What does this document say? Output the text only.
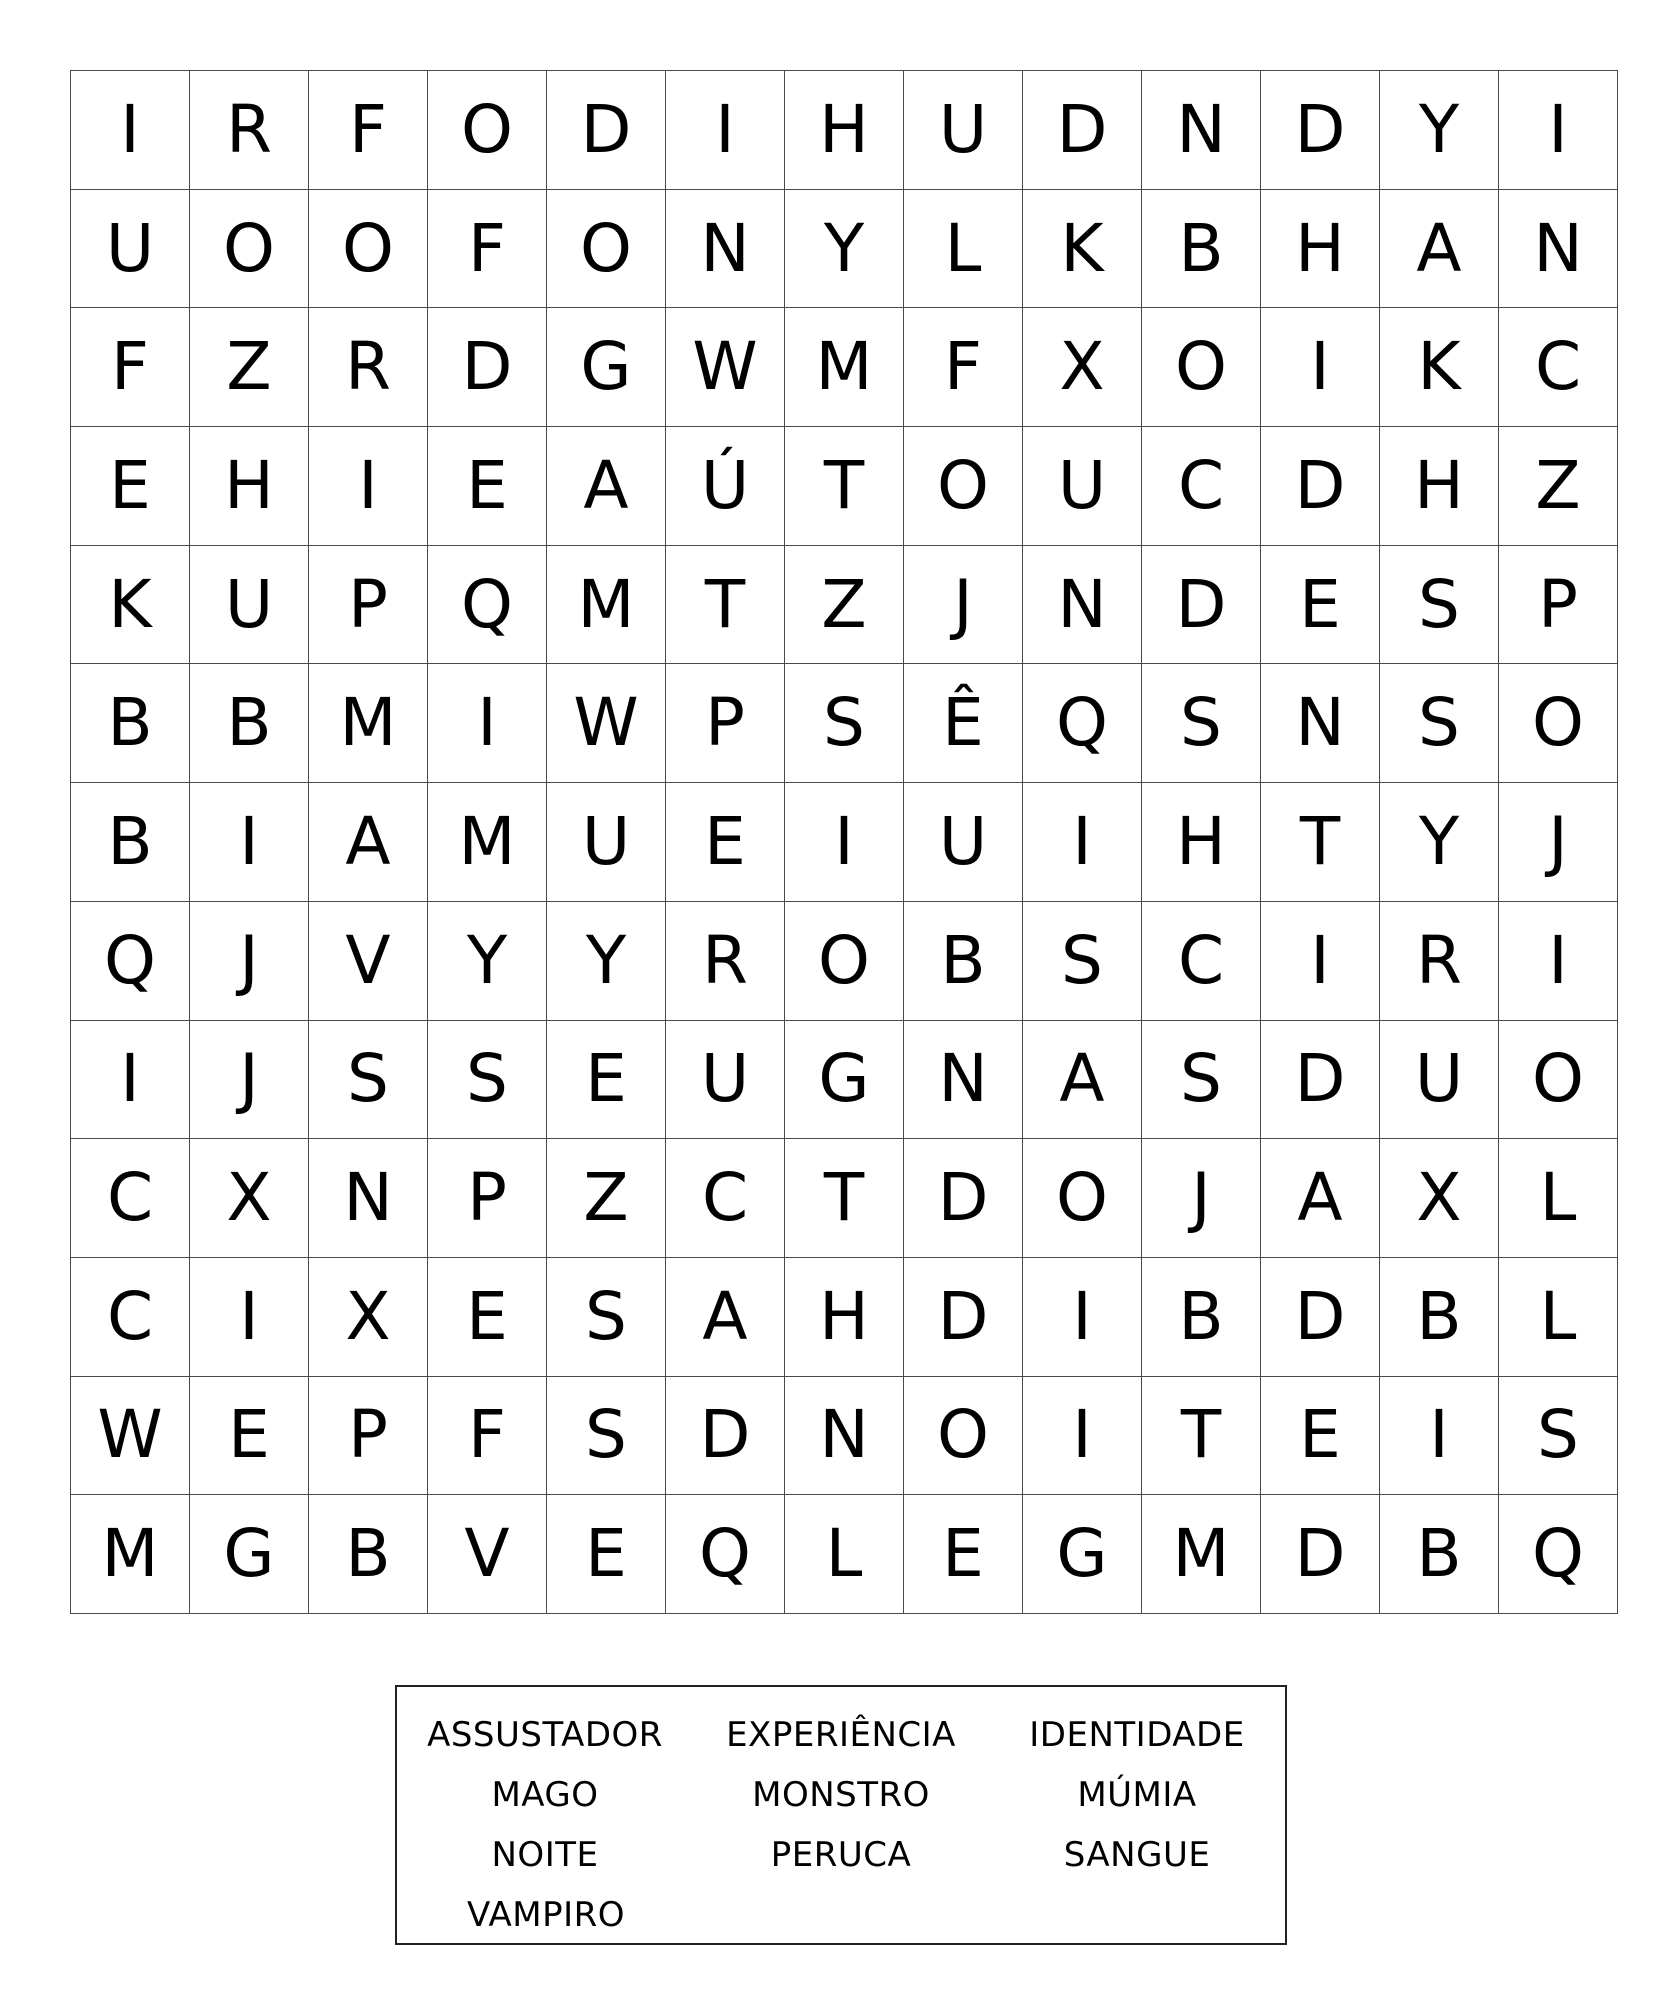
I	R	F	O	D	I	H	U	D	N	D	Y	I
U	O	O	F	O	N	Y	L	K	B	H	A	N
F	Z	R	D	G	W	M	F	X	O	I	K	C
E	H	I	E	A	Ú	T	O	U	C	D	H	Z
K	U	P	Q	M	T	Z	J	N	D	E	S	P
B	B	M	I	W	P	S	Ê	Q	S	N	S	O
B	I	A	M	U	E	I	U	I	H	T	Y	J
Q	J	V	Y	Y	R	O	B	S	C	I	R	I
I	J	S	S	E	U	G	N	A	S	D	U	O
C	X	N	P	Z	C	T	D	O	J	A	X	L
C	I	X	E	S	A	H	D	I	B	D	B	L
W	E	P	F	S	D	N	O	I	T	E	I	S
M	G	B	V	E	Q	L	E	G	M	D	B	Q
ASSUSTADOR	EXPERIÊNCIA	IDENTIDADE
MAGO	MONSTRO	MÚMIA
NOITE	PERUCA	SANGUE
VAMPIRO
